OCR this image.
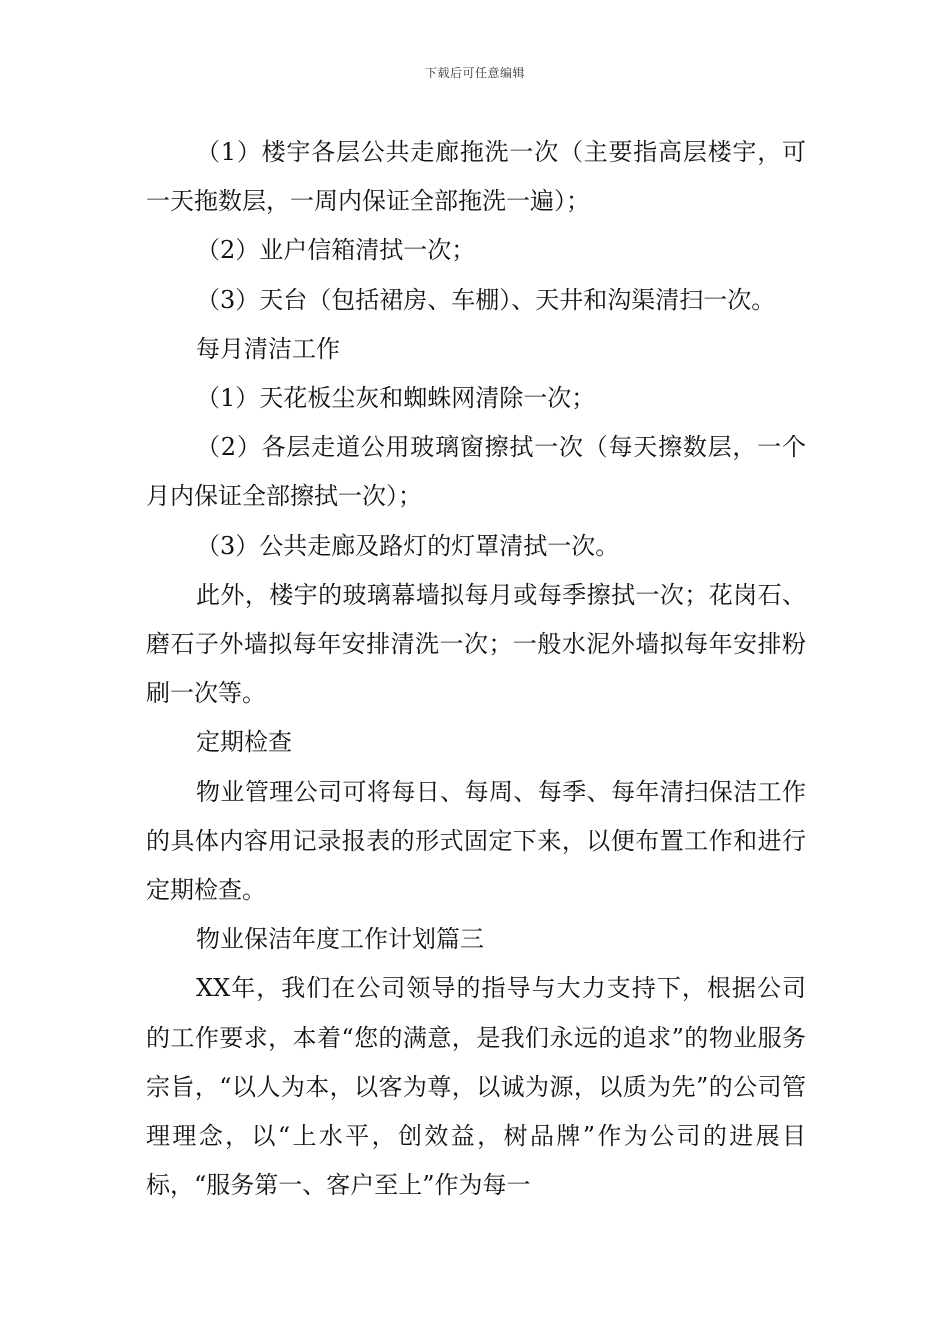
下载后可任意编辑

（1）楼宇各层公共走廊拖洗一次（主要指高层楼宇，可一天拖数层，一周内保证全部拖洗一遍）；

（2）业户信箱清拭一次；

（3）天台（包括裙房、车棚）、天井和沟渠清扫一次。

每月清洁工作

（1）天花板尘灰和蜘蛛网清除一次；

（2）各层走道公用玻璃窗擦拭一次（每天擦数层，一个月内保证全部擦拭一次）；

（3）公共走廊及路灯的灯罩清拭一次。

此外，楼宇的玻璃幕墙拟每月或每季擦拭一次；花岗石、磨石子外墙拟每年安排清洗一次；一般水泥外墙拟每年安排粉刷一次等。

定期检查

物业管理公司可将每日、每周、每季、每年清扫保洁工作的具体内容用记录报表的形式固定下来，以便布置工作和进行定期检查。

物业保洁年度工作计划篇三

XX年，我们在公司领导的指导与大力支持下，根据公司的工作要求，本着“您的满意，是我们永远的追求”的物业服务宗旨，“以人为本，以客为尊，以诚为源，以质为先”的公司管理理念，以“上水平，创效益，树品牌”作为公司的进展目标，“服务第一、客户至上”作为每一
